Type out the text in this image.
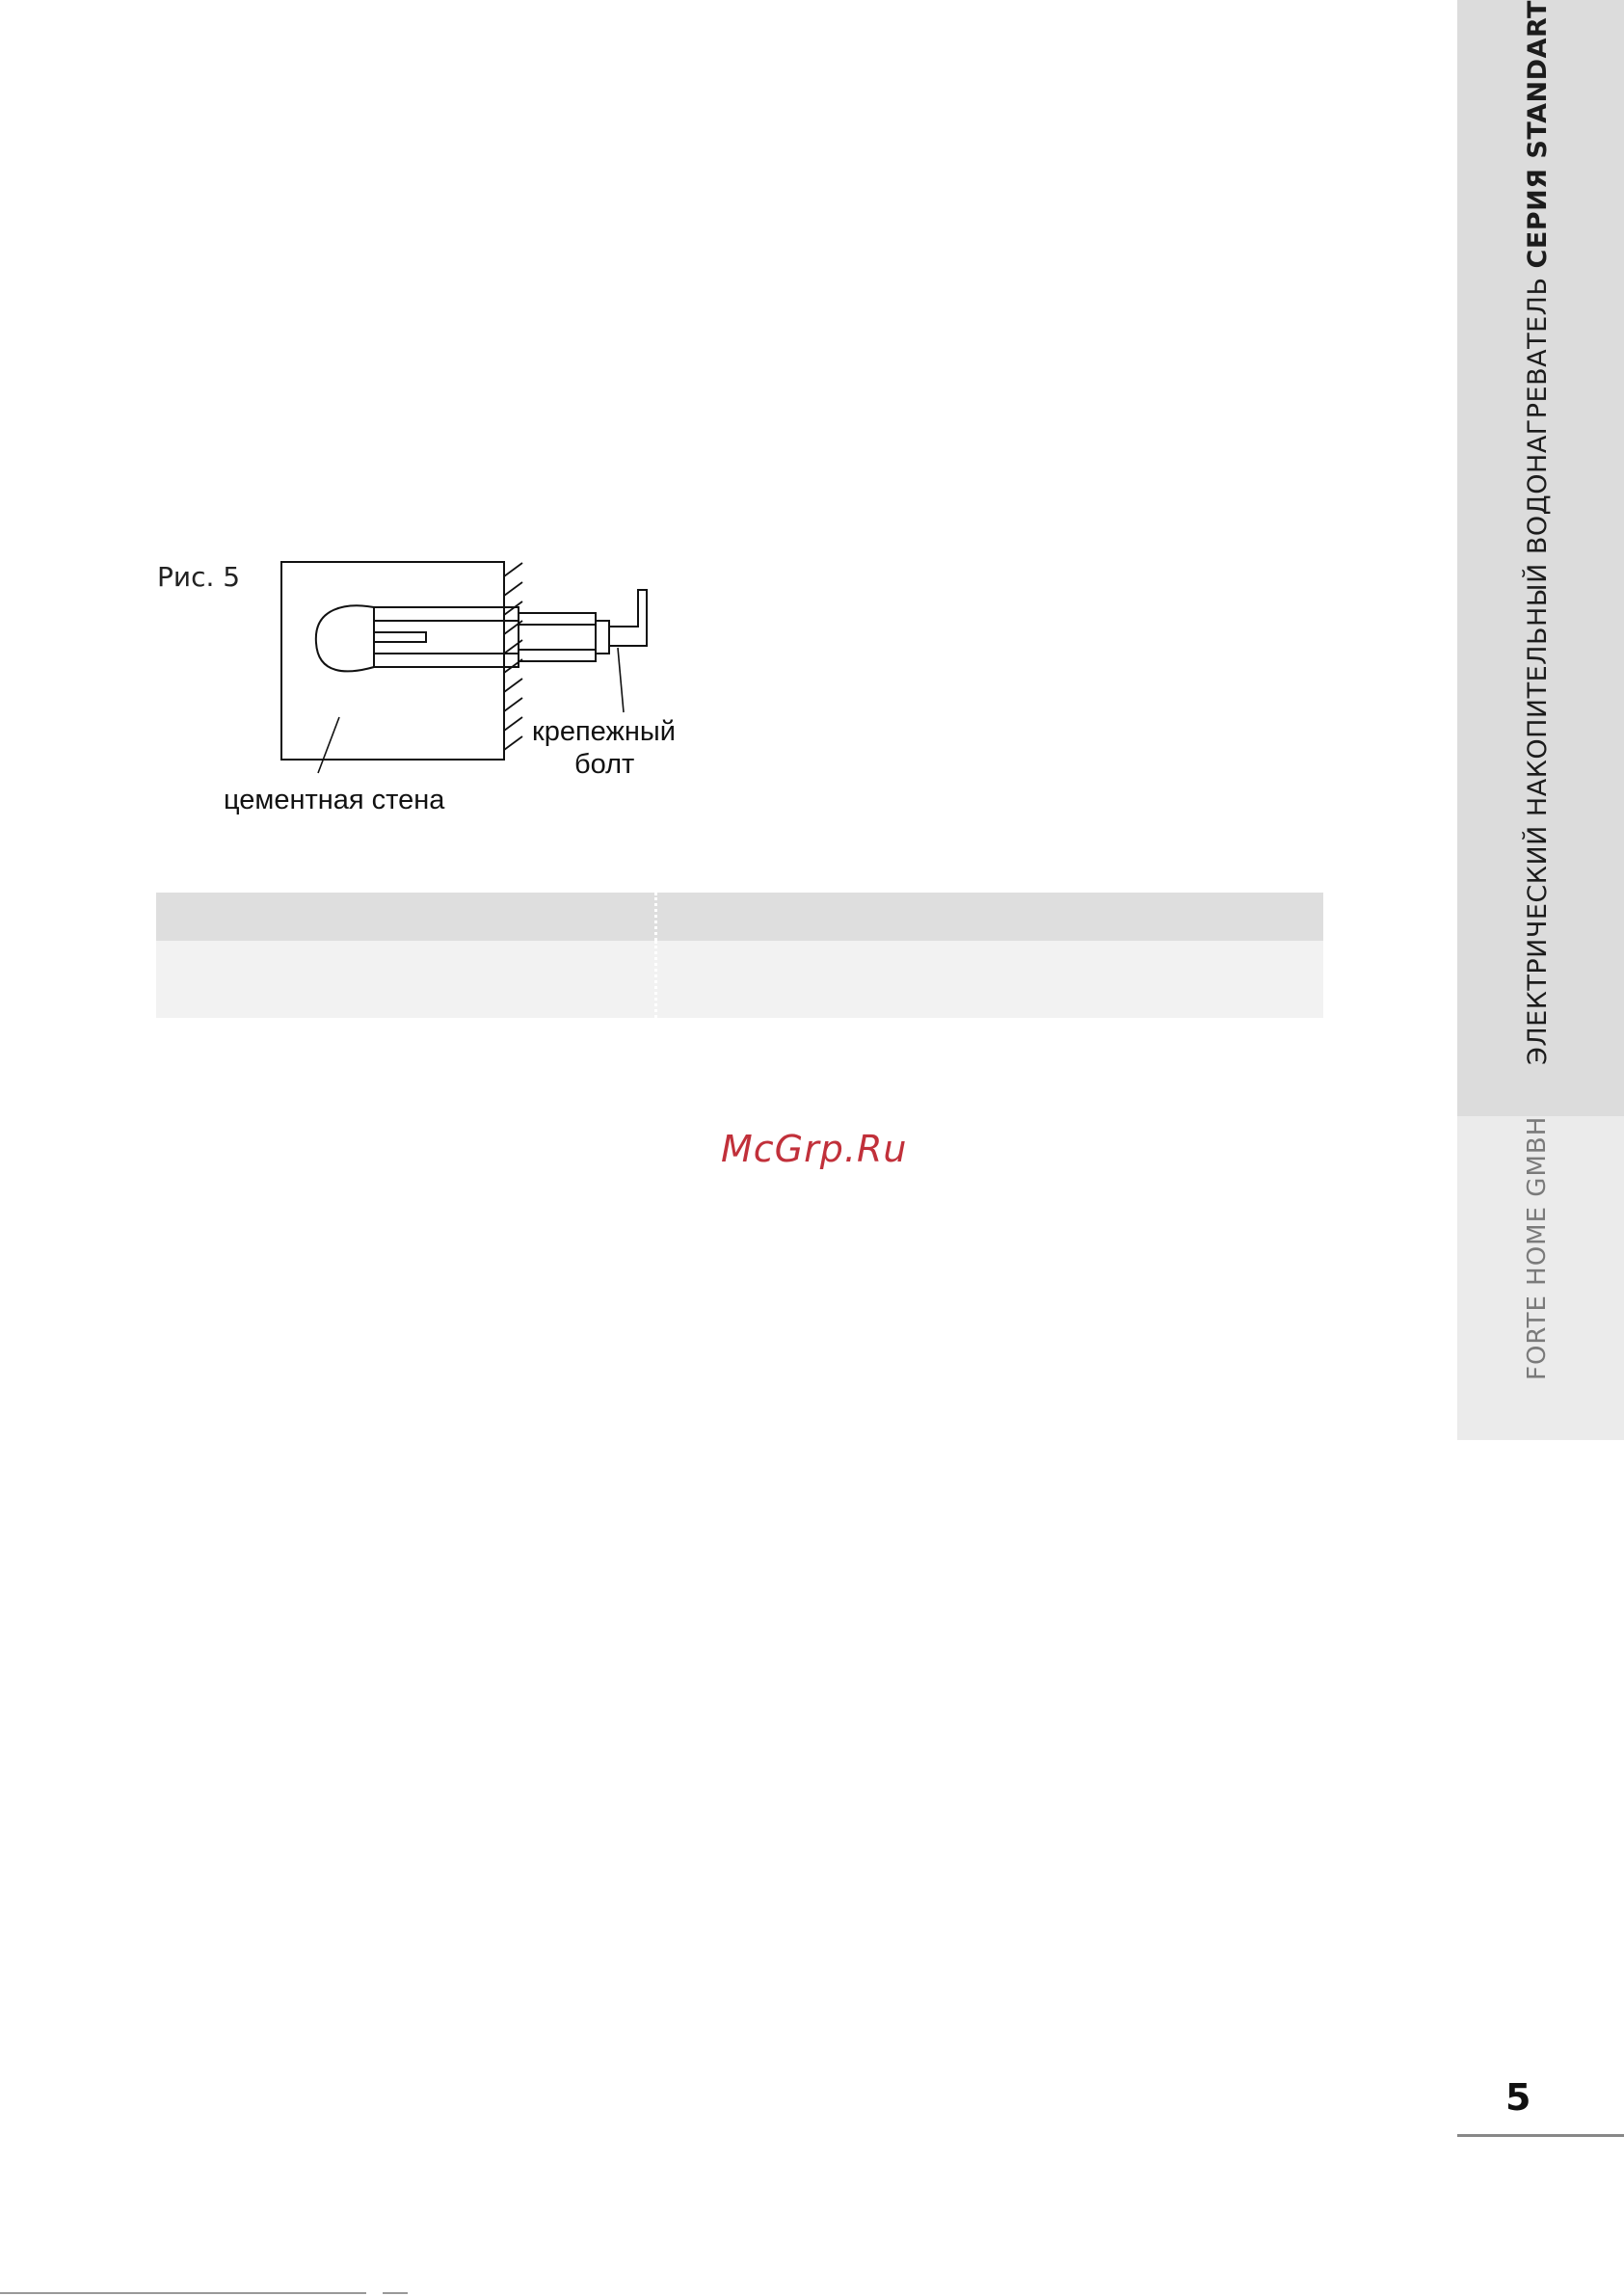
Рис. 5
крепежный
болт
цементная стена
McGrp.Ru
ЭЛЕКТРИЧЕСКИЙ НАКОПИТЕЛЬНЫЙ ВОДОНАГРЕВАТЕЛЬ СЕРИЯ STANDART
FORTE HOME GMBH
5
